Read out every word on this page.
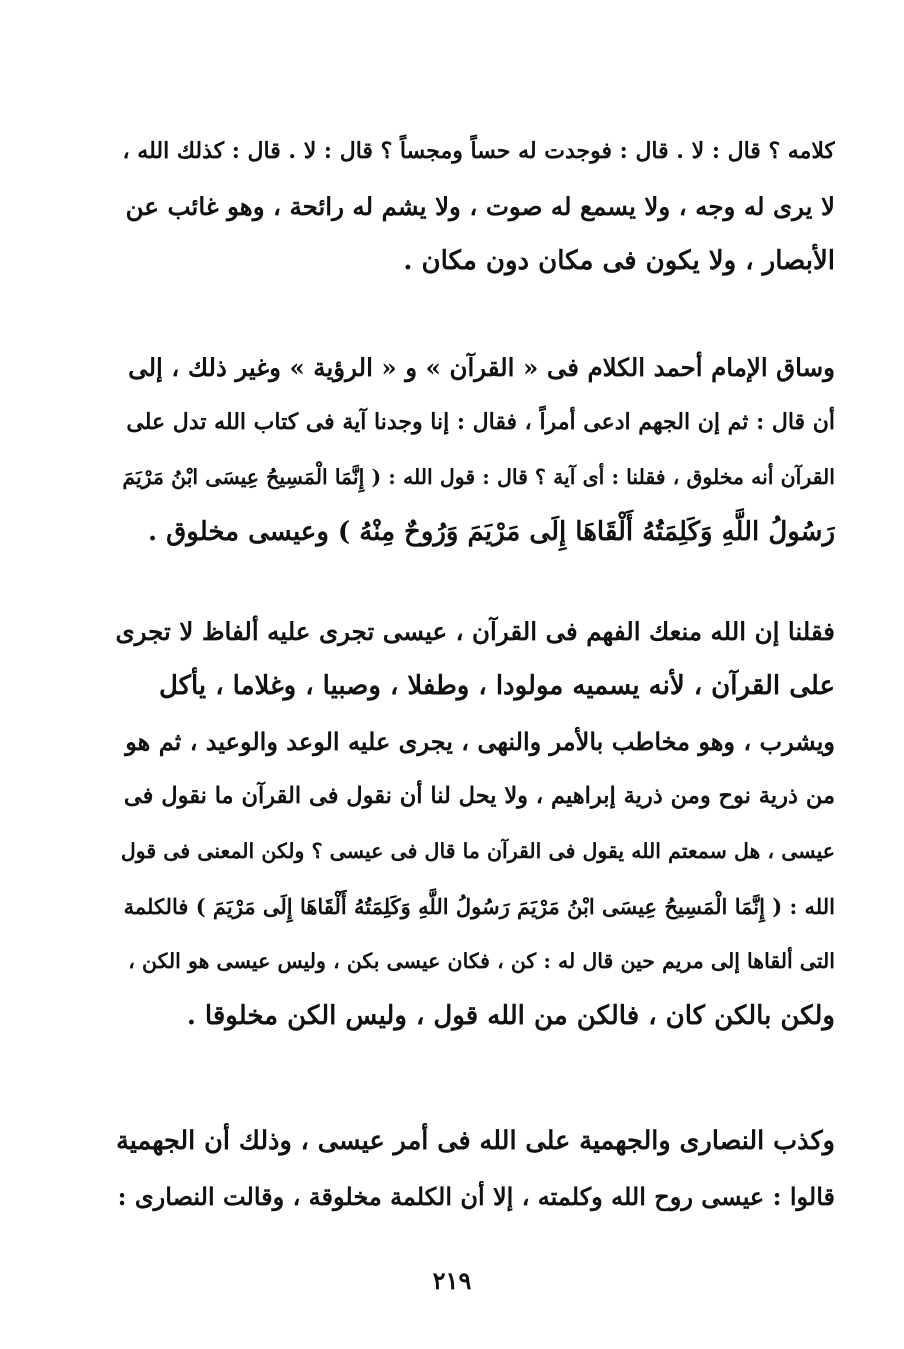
كلامه ؟ قال : لا . قال : فوجدت له حساً ومجساً ؟ قال : لا . قال : كذلك الله ،
لا يرى له وجه ، ولا يسمع له صوت ، ولا يشم له رائحة ، وهو غائب عن
الأبصار ، ولا يكون فى مكان دون مكان .
وساق الإمام أحمد الكلام فى « القرآن » و « الرؤية » وغير ذلك ، إلى
أن قال : ثم إن الجهم ادعى أمراً ، فقال : إنا وجدنا آية فى كتاب الله تدل على
القرآن أنه مخلوق ، فقلنا : أى آية ؟ قال : قول الله : ( إِنَّمَا الْمَسِيحُ عِيسَى ابْنُ مَرْيَمَ
رَسُولُ اللَّهِ وَكَلِمَتُهُ أَلْقَاهَا إِلَى مَرْيَمَ وَرُوحٌ مِنْهُ ) وعيسى مخلوق .
فقلنا إن الله منعك الفهم فى القرآن ، عيسى تجرى عليه ألفاظ لا تجرى
على القرآن ، لأنه يسميه مولودا ، وطفلا ، وصبيا ، وغلاما ، يأكل
ويشرب ، وهو مخاطب بالأمر والنهى ، يجرى عليه الوعد والوعيد ، ثم هو
من ذرية نوح ومن ذرية إبراهيم ، ولا يحل لنا أن نقول فى القرآن ما نقول فى
عيسى ، هل سمعتم الله يقول فى القرآن ما قال فى عيسى ؟ ولكن المعنى فى قول
الله : ( إِنَّمَا الْمَسِيحُ عِيسَى ابْنُ مَرْيَمَ رَسُولُ اللَّهِ وَكَلِمَتُهُ أَلْقَاهَا إِلَى مَرْيَمَ ) فالكلمة
التى ألقاها إلى مريم حين قال له : كن ، فكان عيسى بكن ، وليس عيسى هو الكن ،
ولكن بالكن كان ، فالكن من الله قول ، وليس الكن مخلوقا .
وكذب النصارى والجهمية على الله فى أمر عيسى ، وذلك أن الجهمية
قالوا : عيسى روح الله وكلمته ، إلا أن الكلمة مخلوقة ، وقالت النصارى :
٢١٩
